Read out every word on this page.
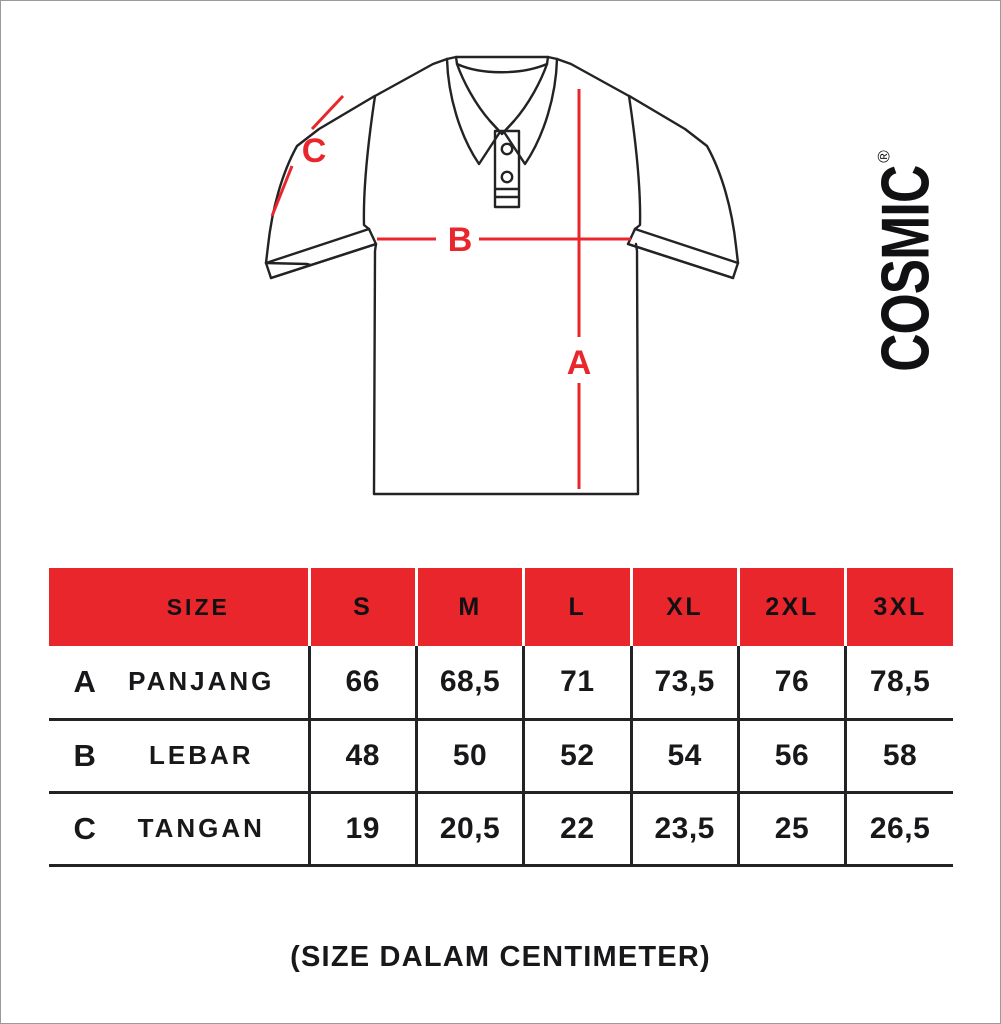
C
B
A	COSMIC
®
SIZE	S	M	L	XL	2XL	3XL

A PANJANG	66	68,5	71	73,5	76	78,5

B LEBAR	48	50	52	54	56	58

C TANGAN	19	20,5	22	23,5	25	26,5
(SIZE DALAM CENTIMETER)
